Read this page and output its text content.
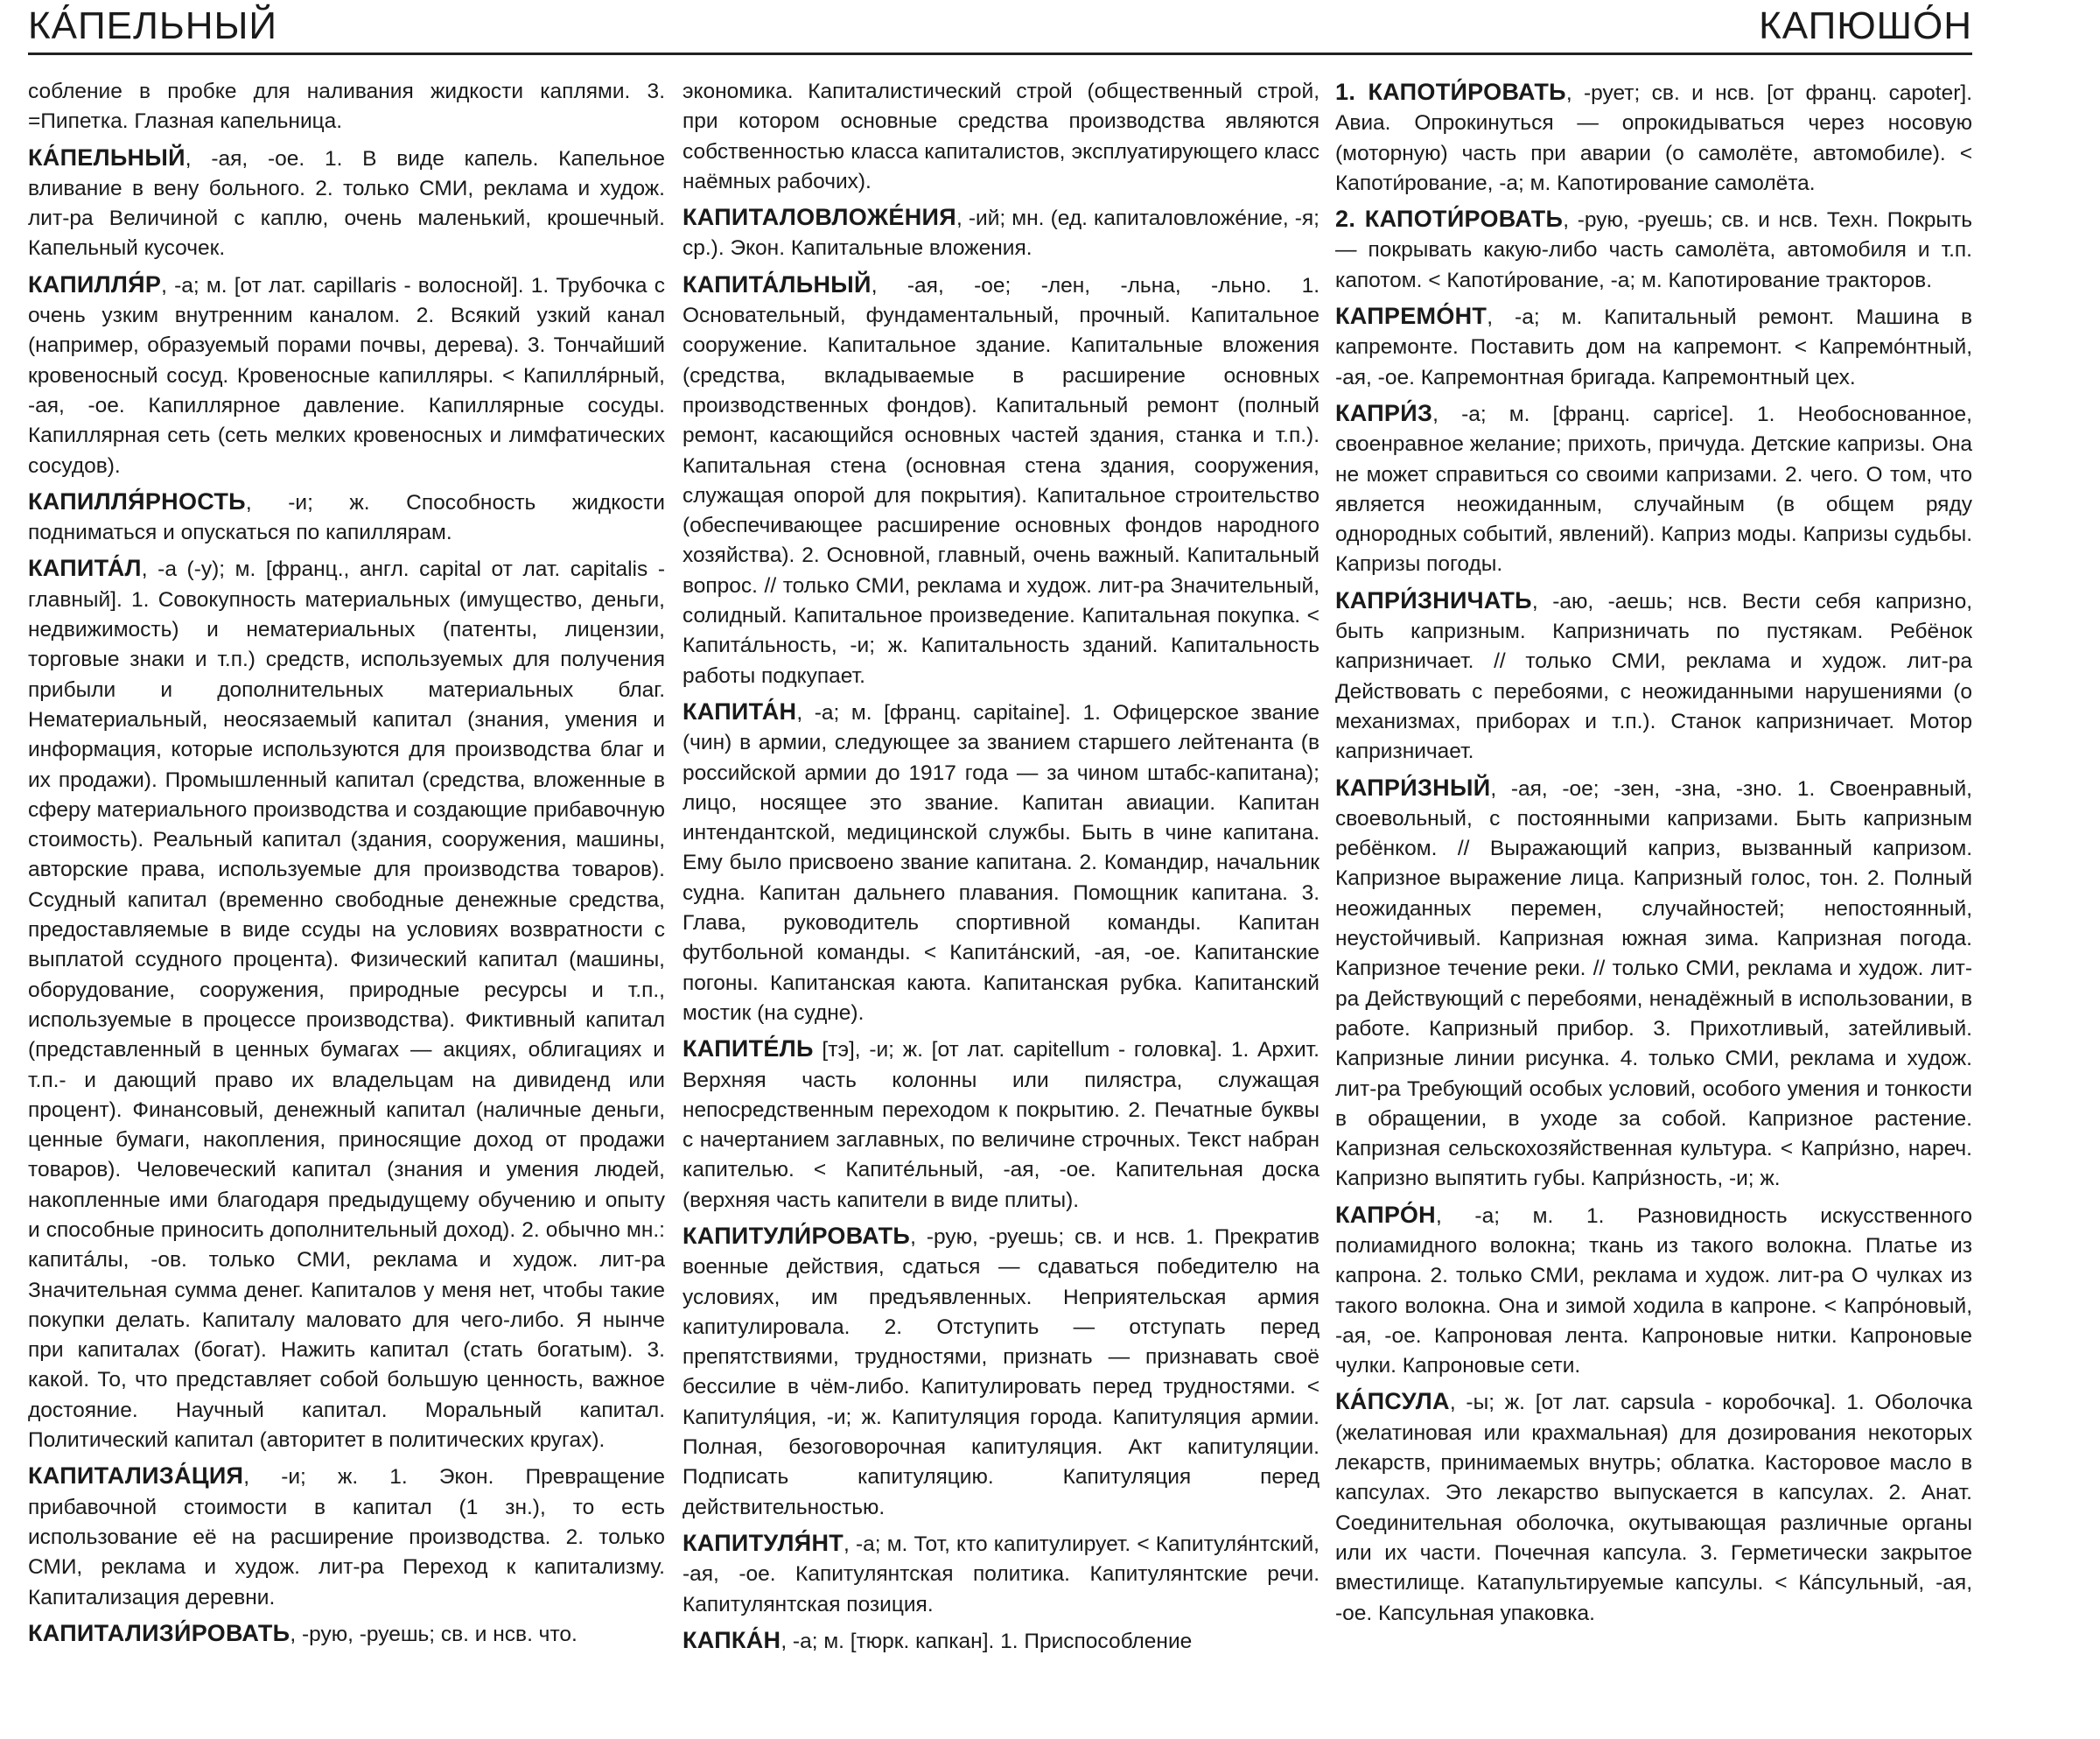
КА́ПЕЛЬНЫЙ	КАПЮШО́Н

собление в пробке для наливания жидкости каплями. 3. =Пипетка. Глазная капельница.

КА́ПЕЛЬНЫЙ, -ая, -ое. 1. В виде капель. Капельное вливание в вену больного. 2. только СМИ, реклама и худож. лит-ра Величиной с каплю, очень маленький, крошечный. Капельный кусочек.

КАПИЛЛЯ́Р, -а; м. [от лат. capillaris - волосной]. 1. Трубочка с очень узким внутренним каналом. 2. Всякий узкий канал (например, образуемый порами почвы, дерева). 3. Тончайший кровеносный сосуд. Кровеносные капилляры. < Капилля́рный, -ая, -ое. Капиллярное давление. Капиллярные сосуды. Капиллярная сеть (сеть мелких кровеносных и лимфатических сосудов).

КАПИЛЛЯ́РНОСТЬ, -и; ж. Способность жидкости подниматься и опускаться по капиллярам.

КАПИТА́Л, -а (-у); м. [франц., англ. capital от лат. capitalis - главный]. 1. Совокупность материальных (имущество, деньги, недвижимость) и нематериальных (патенты, лицензии, торговые знаки и т.п.) средств, используемых для получения прибыли и дополнительных материальных благ. Нематериальный, неосязаемый капитал (знания, умения и информация, которые используются для производства благ и их продажи). Промышленный капитал (средства, вложенные в сферу материального производства и создающие прибавочную стоимость). Реальный капитал (здания, сооружения, машины, авторские права, используемые для производства товаров). Ссудный капитал (временно свободные денежные средства, предоставляемые в виде ссуды на условиях возвратности с выплатой ссудного процента). Физический капитал (машины, оборудование, сооружения, природные ресурсы и т.п., используемые в процессе производства). Фиктивный капитал (представленный в ценных бумагах — акциях, облигациях и т.п.- и дающий право их владельцам на дивиденд или процент). Финансовый, денежный капитал (наличные деньги, ценные бумаги, накопления, приносящие доход от продажи товаров). Человеческий капитал (знания и умения людей, накопленные ими благодаря предыдущему обучению и опыту и способные приносить дополнительный доход). 2. обычно мн.: капитáлы, -ов. только СМИ, реклама и худож. лит-ра Значительная сумма денег. Капиталов у меня нет, чтобы такие покупки делать. Капиталу маловато для чего-либо. Я нынче при капиталах (богат). Нажить капитал (стать богатым). 3. какой. То, что представляет собой большую ценность, важное достояние. Научный капитал. Моральный капитал. Политический капитал (авторитет в политических кругах).

КАПИТАЛИЗА́ЦИЯ, -и; ж. 1. Экон. Превращение прибавочной стоимости в капитал (1 зн.), то есть использование её на расширение производства. 2. только СМИ, реклама и худож. лит-ра Переход к капитализму. Капитализация деревни.

КАПИТАЛИЗИ́РОВАТЬ, -рую, -руешь; св. и нсв. что.

экономика. Капиталистический строй (общественный строй, при котором основные средства производства являются собственностью класса капиталистов, эксплуатирующего класс наёмных рабочих).

КАПИТАЛОВЛОЖЕ́НИЯ, -ий; мн. (ед. капиталовложе́ние, -я; ср.). Экон. Капитальные вложения.

КАПИТА́ЛЬНЫЙ, -ая, -ое; -лен, -льна, -льно. 1. Основательный, фундаментальный, прочный. Капитальное сооружение. Капитальное здание. Капитальные вложения (средства, вкладываемые в расширение основных производственных фондов). Капитальный ремонт (полный ремонт, касающийся основных частей здания, станка и т.п.). Капитальная стена (основная стена здания, сооружения, служащая опорой для покрытия). Капитальное строительство (обеспечивающее расширение основных фондов народного хозяйства). 2. Основной, главный, очень важный. Капитальный вопрос. // только СМИ, реклама и худож. лит-ра Значительный, солидный. Капитальное произведение. Капитальная покупка. < Капита́льность, -и; ж. Капитальность зданий. Капитальность работы подкупает.

КАПИТА́Н, -а; м. [франц. capitaine]. 1. Офицерское звание (чин) в армии, следующее за званием старшего лейтенанта (в российской армии до 1917 года — за чином штабс-капитана); лицо, носящее это звание. Капитан авиации. Капитан интендантской, медицинской службы. Быть в чине капитана. Ему было присвоено звание капитана. 2. Командир, начальник судна. Капитан дальнего плавания. Помощник капитана. 3. Глава, руководитель спортивной команды. Капитан футбольной команды. < Капита́нский, -ая, -ое. Капитанские погоны. Капитанская каюта. Капитанская рубка. Капитанский мостик (на судне).

КАПИТЕ́ЛЬ [тэ], -и; ж. [от лат. capitellum - головка]. 1. Архит. Верхняя часть колонны или пилястра, служащая непосредственным переходом к покрытию. 2. Печатные буквы с начертанием заглавных, по величине строчных. Текст набран капителью. < Капите́льный, -ая, -ое. Капительная доска (верхняя часть капители в виде плиты).

КАПИТУЛИ́РОВАТЬ, -рую, -руешь; св. и нсв. 1. Прекратив военные действия, сдаться — сдаваться победителю на условиях, им предъявленных. Неприятельская армия капитулировала. 2. Отступить — отступать перед препятствиями, трудностями, признать — признавать своё бессилие в чём-либо. Капитулировать перед трудностями. < Капитуля́ция, -и; ж. Капитуляция города. Капитуляция армии. Полная, безоговорочная капитуляция. Акт капитуляции. Подписать капитуляцию. Капитуляция перед действительностью.

КАПИТУЛЯ́НТ, -а; м. Тот, кто капитулирует. < Капитуля́нтский, -ая, -ое. Капитулянтская политика. Капитулянтские речи. Капитулянтская позиция.

КАПКА́Н, -а; м. [тюрк. капкан]. 1. Приспособление

1. КАПОТИ́РОВАТЬ, -рует; св. и нсв. [от франц. capoter]. Авиа. Опрокинуться — опрокидываться через носовую (моторную) часть при аварии (о самолёте, автомобиле). < Капоти́рование, -а; м. Капотирование самолёта.

2. КАПОТИ́РОВАТЬ, -рую, -руешь; св. и нсв. Техн. Покрыть — покрывать какую-либо часть самолёта, автомобиля и т.п. капотом. < Капоти́рование, -а; м. Капотирование тракторов.

КАПРЕМО́НТ, -а; м. Капитальный ремонт. Машина в капремонте. Поставить дом на капремонт. < Капремо́нтный, -ая, -ое. Капремонтная бригада. Капремонтный цех.

КАПРИ́З, -а; м. [франц. caprice]. 1. Необоснованное, своенравное желание; прихоть, причуда. Детские капризы. Она не может справиться со своими капризами. 2. чего. О том, что является неожиданным, случайным (в общем ряду однородных событий, явлений). Каприз моды. Капризы судьбы. Капризы погоды.

КАПРИ́ЗНИЧАТЬ, -аю, -аешь; нсв. Вести себя капризно, быть капризным. Капризничать по пустякам. Ребёнок капризничает. // только СМИ, реклама и худож. лит-ра Действовать с перебоями, с неожиданными нарушениями (о механизмах, приборах и т.п.). Станок капризничает. Мотор капризничает.

КАПРИ́ЗНЫЙ, -ая, -ое; -зен, -зна, -зно. 1. Своенравный, своевольный, с постоянными капризами. Быть капризным ребёнком. // Выражающий каприз, вызванный капризом. Капризное выражение лица. Капризный голос, тон. 2. Полный неожиданных перемен, случайностей; непостоянный, неустойчивый. Капризная южная зима. Капризная погода. Капризное течение реки. // только СМИ, реклама и худож. лит-ра Действующий с перебоями, ненадёжный в использовании, в работе. Капризный прибор. 3. Прихотливый, затейливый. Капризные линии рисунка. 4. только СМИ, реклама и худож. лит-ра Требующий особых условий, особого умения и тонкости в обращении, в уходе за собой. Капризное растение. Капризная сельскохозяйственная культура. < Капри́зно, нареч. Капризно выпятить губы. Капри́зность, -и; ж.

КАПРО́Н, -а; м. 1. Разновидность искусственного полиамидного волокна; ткань из такого волокна. Платье из капрона. 2. только СМИ, реклама и худож. лит-ра О чулках из такого волокна. Она и зимой ходила в капроне. < Капро́новый, -ая, -ое. Капроновая лента. Капроновые нитки. Капроновые чулки. Капроновые сети.

КА́ПСУЛА, -ы; ж. [от лат. capsula - коробочка]. 1. Оболочка (желатиновая или крахмальная) для дозирования некоторых лекарств, принимаемых внутрь; облатка. Касторовое масло в капсулах. Это лекарство выпускается в капсулах. 2. Анат. Соединительная оболочка, окутывающая различные органы или их части. Почечная капсула. 3. Герметически закрытое вместилище. Катапультируемые капсулы. < Ка́псульный, -ая, -ое. Капсульная упаковка.
